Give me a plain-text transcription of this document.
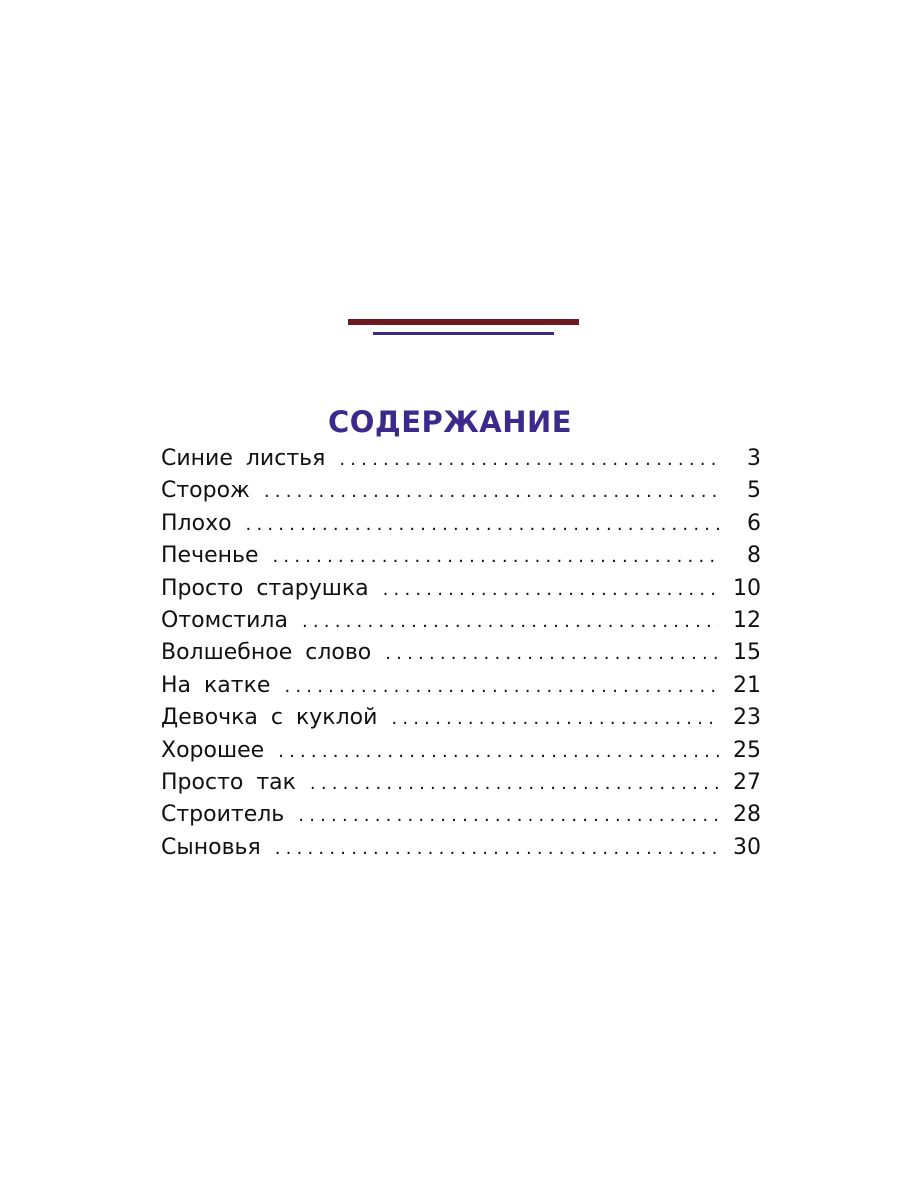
СОДЕРЖАНИЕ
Синие листья .....	3
Сторож .....	5
Плохо .....	6
Печенье .....	8
Просто старушка .....	10
Отомстила .....	12
Волшебное слово .....	15
На катке .....	21
Девочка с куклой .....	23
Хорошее .....	25
Просто так .....	27
Строитель .....	28
Сыновья .....	30
